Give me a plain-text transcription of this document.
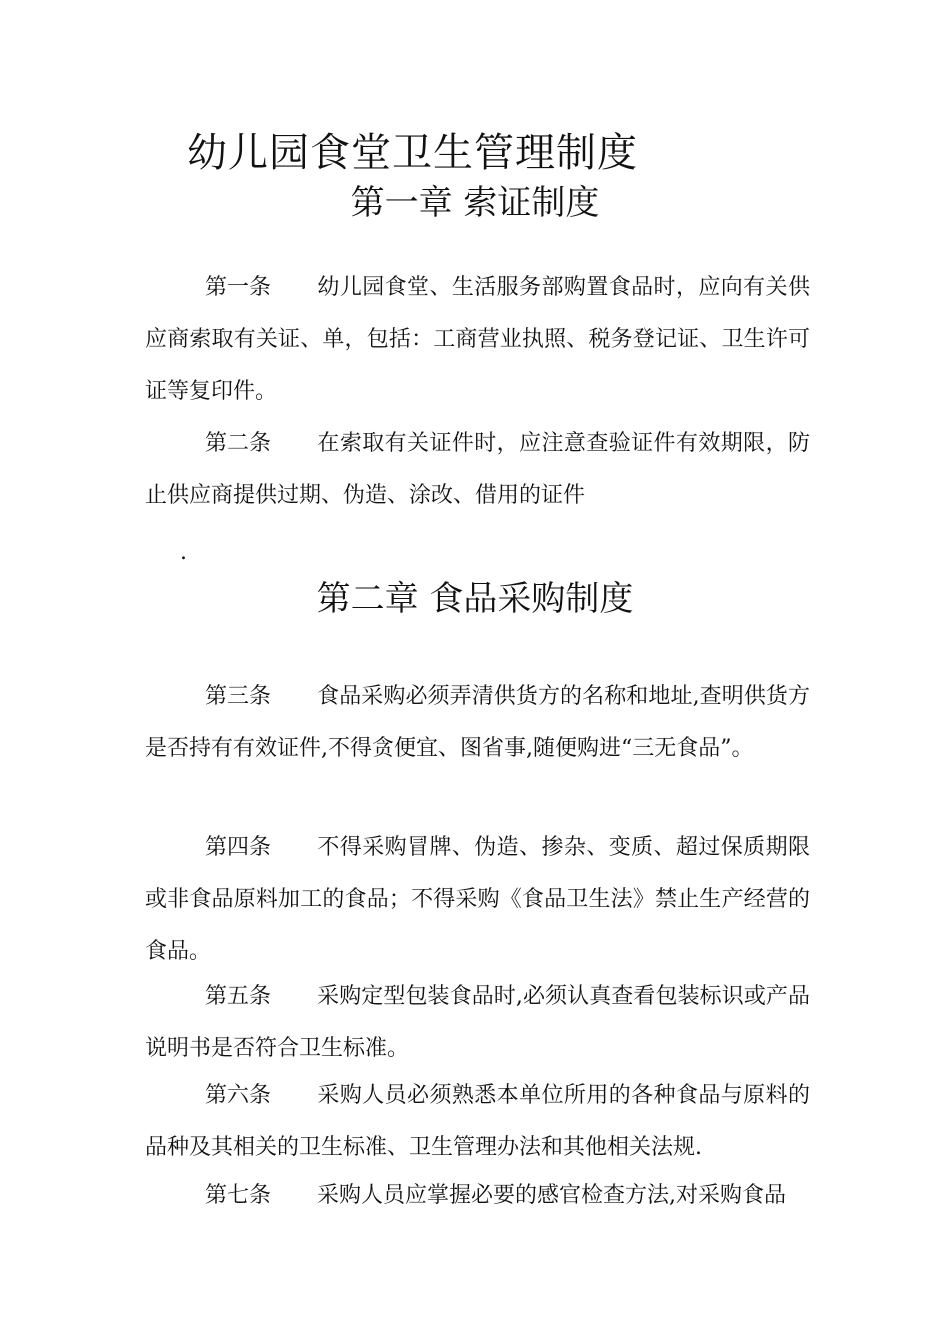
幼儿园食堂卫生管理制度
第一章 索证制度

第一条 幼儿园食堂、生活服务部购置食品时，应向有关供应商索取有关证、单，包括：工商营业执照、税务登记证、卫生许可证等复印件。

第二条 在索取有关证件时，应注意查验证件有效期限，防止供应商提供过期、伪造、涂改、借用的证件

.
第二章 食品采购制度

第三条 食品采购必须弄清供货方的名称和地址,查明供货方是否持有有效证件,不得贪便宜、图省事,随便购进“三无食品”。

第四条 不得采购冒牌、伪造、掺杂、变质、超过保质期限或非食品原料加工的食品；不得采购《食品卫生法》禁止生产经营的食品。

第五条 采购定型包装食品时,必须认真查看包装标识或产品说明书是否符合卫生标准。

第六条 采购人员必须熟悉本单位所用的各种食品与原料的品种及其相关的卫生标准、卫生管理办法和其他相关法规.

第七条 采购人员应掌握必要的感官检查方法,对采购食品
